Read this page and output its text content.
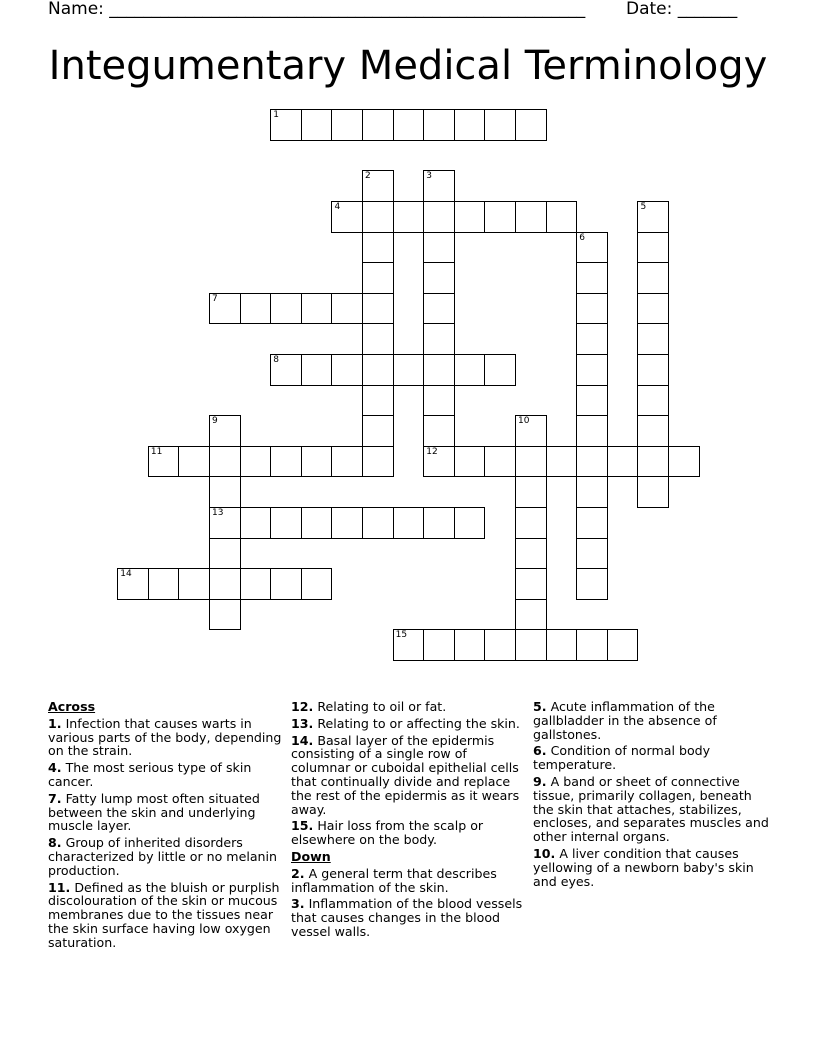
Name: ________________________________________________________ Date: _______
Integumentary Medical Terminology
1
2	3
12
4	5
6
7
8
9
13
10
11
14
15
Across
1. Infection that causes warts in various parts of the body, depending on the strain.
4. The most serious type of skin cancer.
7. Fatty lump most often situated between the skin and underlying muscle layer.
8. Group of inherited disorders characterized by little or no melanin production.
11. Defined as the bluish or purplish discolouration of the skin or mucous membranes due to the tissues near the skin surface having low oxygen saturation.
12. Relating to oil or fat.
13. Relating to or affecting the skin.
14. Basal layer of the epidermis consisting of a single row of columnar or cuboidal epithelial cells that continually divide and replace the rest of the epidermis as it wears away.
15. Hair loss from the scalp or elsewhere on the body.
Down
2. A general term that describes inflammation of the skin.
3. Inflammation of the blood vessels that causes changes in the blood vessel walls.
5. Acute inflammation of the gallbladder in the absence of gallstones.
6. Condition of normal body temperature.
9. A band or sheet of connective tissue, primarily collagen, beneath the skin that attaches, stabilizes, encloses, and separates muscles and other internal organs.
10. A liver condition that causes yellowing of a newborn baby's skin and eyes.
